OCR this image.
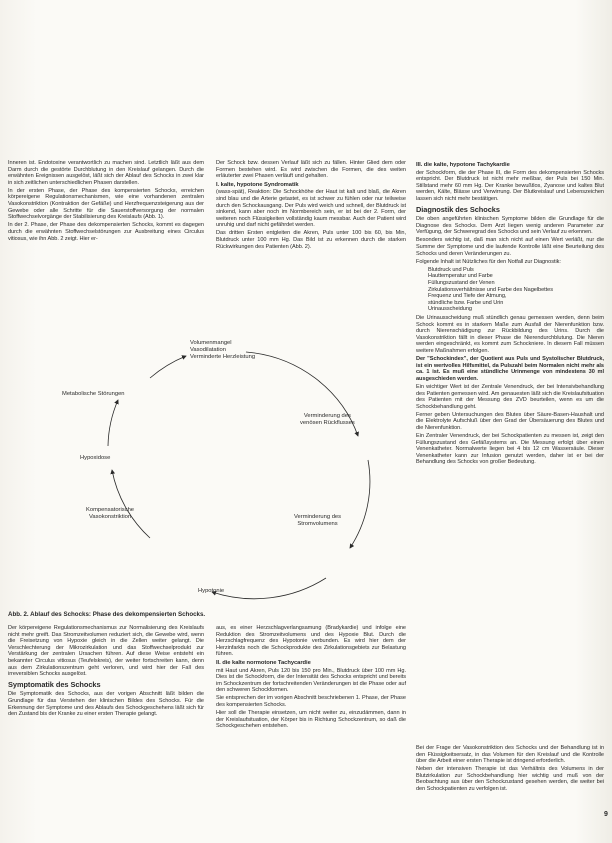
Inneren ist. Endotoxine verantwortlich zu machen sind. Letztlich läßt aus dem Darm durch die gestörte Durchblutung in den Kreislauf gelangen. Durch die erwähnten Ereignissen ausgelöst, läßt sich der Ablauf des Schocks in zwei klar in sich zeitlichen unterschiedlichen Phasen darstellen.

In der ersten Phase, der Phase des kompensierten Schocks, erreichen körpereigene Regulationsmechanismen, wie eine vorhandenen zentralen Vasokonstriktion (Kontraktion der Gefäße) und Herzfrequenzsteigerung aus der Gewebe oder alle Schritte für die Sauerstoffversorgung der normalen Stoffwechselvorgänge der Stabilisierung des Kreislaufs (Abb. 1).

In der 2. Phase, der Phase des dekompensierten Schocks, kommt es dagegen durch die erwähnten Stoffwechselstörungen zur Ausbreitung eines Circulus vitiosus, wie ihn Abb. 2 zeigt. Hier er-

Der Schock bzw. dessen Verlauf läßt sich zu fällen. Hinter Glied dem oder Formen bestehen wird. Es wird zwischen die Formen, die des weiten erläuterter zwei Phasen verläuft und gehalten.

I. kalte, hypotone Syndromatik

(wass-spät), Reaktion: Die Schockhöhe der Haut ist kalt und blaß, die Akren sind blau und die Arterie getastet, es ist schwer zu fühlen oder nur teilweise durch den Schockausgang. Der Puls wird weich und schnell, der Blutdruck ist sinkend, kann aber noch im Normbereich sein, er ist bei der 2. Form, der weiteren noch Flüssigkeiten vollständig kaum messbar. Auch der Patient wird unruhig und darf nicht gefährdet werden.

Das dritten Ersten entgleiten die Akren, Puls unter 100 bis 60, bis Min, Blutdruck unter 100 mm Hg. Das Bild ist zu erkennen durch die starken Rückwirkungen des Patienten (Abb. 2).

III. die kalte, hypotone Tachykardie

der Schockform, die der Phase III, die Form des dekompensierten Schocks entspricht. Der Blutdruck ist nicht mehr meßbar, der Puls bei 150 Min. Stillstand mehr 60 mm Hg. Der Kranke bewußtlos, Zyanose und kaltes Blut werden, Kälte, Blässe und Verwirrung. Der Blutkreislauf und Lebenszeichen lassen sich nicht mehr bestätigen.

Diagnostik des Schocks

Die oben angeführten klinischen Symptome bilden die Grundlage für die Diagnose des Schocks. Dem Arzt liegen wenig anderen Parameter zur Verfügung, der Schweregrad des Schocks und sein Verlauf zu erkennen.

Besonders wichtig ist, daß man sich nicht auf einen Wert verläßt, nur die Summe der Symptome und die laufende Kontrolle läßt eine Beurteilung des Schocks und deren Veränderungen zu.

Folgende Inhalt ist Nützliches für den Notfall zur Diagnostik:

Blutdruck und Puls
Hauttemperatur und Farbe
Füllungszustand der Venen
Zirkulationsverhältnisse und Farbe des Nagelbettes
Frequenz und Tiefe der Atmung,
stündliche bzw. Farbe und Urin
Urinausscheidung

Die Urinausscheidung muß stündlich genau gemessen werden, denn beim Schock kommt es in starkem Maße zum Ausfall der Nierenfunktion bzw. durch Nierenschädigung zur Rückbildung des Urins. Durch die Vasokonstriktion fällt in dieser Phase die Nierendurchblutung. Die Nieren werden eingeschränkt, es kommt zum Schockniere. In diesem Fall müssen weitere Maßnahmen erfolgen.

Der "Schockindex", der Quotient aus Puls und Systolischer Blutdruck, ist ein wertvolles Hilfsmittel, da Pulszahl beim Normalen nicht mehr als ca. 1 ist. Es muß eine stündliche Urinmenge von mindestens 30 ml ausgeschieden werden.

Ein wichtiger Wert ist der Zentrale Venendruck, der bei Intensivbehandlung des Patienten gemessen wird. Am genauesten läßt sich die Kreislaufsituation des Patienten mit der Messung des ZVD beurteilen, wenn es um die Schockbehandlung geht.

Ferner geben Untersuchungen des Blutes über Säure-Basen-Haushalt und die Elektrolyte Aufschluß über den Grad der Übersäuerung des Blutes und die Nierenfunktion.

Ein Zentraler Venendruck, der bei Schockpatienten zu messen ist, zeigt den Füllungszustand des Gefäßsystems an. Die Messung erfolgt über einen Venenkatheter. Normalwerte liegen bei 4 bis 12 cm Wassersäule. Dieser Venenkatheter kann zur Infusion genutzt werden, daher ist er bei der Behandlung des Schocks von großer Bedeutung.

Volumenmangel
Vasodilatation
Verminderte Herzleistung
Verminderung des
venösen Rückflusses
Verminderung des
Stromvolumens
Hypotonie
Kompensatorische
Vasokonstriktion
Hypoxidose
Metabolische Störungen
Abb. 2. Ablauf des Schocks: Phase des dekompensierten Schocks.

Der körpereigene Regulationsmechanismus zur Normalisierung des Kreislaufs nicht mehr greift. Das Stromzeitvolumen reduziert sich, die Gewebe wird, wenn die Freisetzung von Hypoxie gleich in die Zellen weiter gelangt. Die Verschlechterung der Mikrozirkulation und das Stoffwechselprodukt zur Verstärkung der zentralen Ursachen führen. Auf diese Weise entsteht ein bekannter Circulus vitiosus (Teufelskreis), der weiter fortschreiten kann, denn aus dem Zirkulationszentrum geht verloren, und wird hier der Fall des irreversiblen Schocks ausgelöst.

Symptomatik des Schocks

Die Symptomatik des Schocks, aus der vorigen Abschnitt läßt bilden die Grundlage für das Verstehen der klinischen Bildes des Schocks. Für die Erkennung der Symptome und des Ablaufs des Schockgeschehens läßt sich für den Zustand bis der Kranke zu einer ersten Therapie gelangt.

aus, es einer Herzschlagverlangsamung (Bradykardie) und infolge eine Reduktion des Stromzeitvolumens und des Hypoxie Blut. Durch die Herzschlagfrequenz des Hypotonie verbunden. Es wird hier dem der Herzinfarkts noch die Schockprodukte des Zirkulationsgebiets zur Belastung führen.

II. die kalte normotone Tachycardie

mit Haut und Akren, Puls 120 bis 150 pro Min., Blutdruck über 100 mm Hg. Dies ist die Schockform, die der Intensität des Schocks entspricht und bereits im Schockzentrum der fortschreitenden Veränderungen ist die Phase oder auf den schweren Schockformen.

Sie entsprechen der im vorigen Abschnitt beschriebenen 1. Phase, der Phase des kompensierten Schocks.

Hier soll die Therapie einsetzen, um nicht weiter zu, einzudämmen, dann in der Kreislaufsituation, der Körper bis in Richtung Schockzentrum, so daß die Schockgeschehen entstehen.

Bei der Frage der Vasokonstriktion des Schocks und der Behandlung ist in den Flüssigkeitsersatz, in das Volumen für den Kreislauf und die Kontrolle über die Arbeit einer ersten Therapie ist dringend erforderlich.

Neben der intensiven Therapie ist das Verhältnis des Volumens in der Blutzirkulation zur Schockbehandlung hier wichtig und muß von der Beobachtung aus über den Schockzustand gesehen werden, die weiter bei den Schockpatienten zu verfolgen ist.

9
